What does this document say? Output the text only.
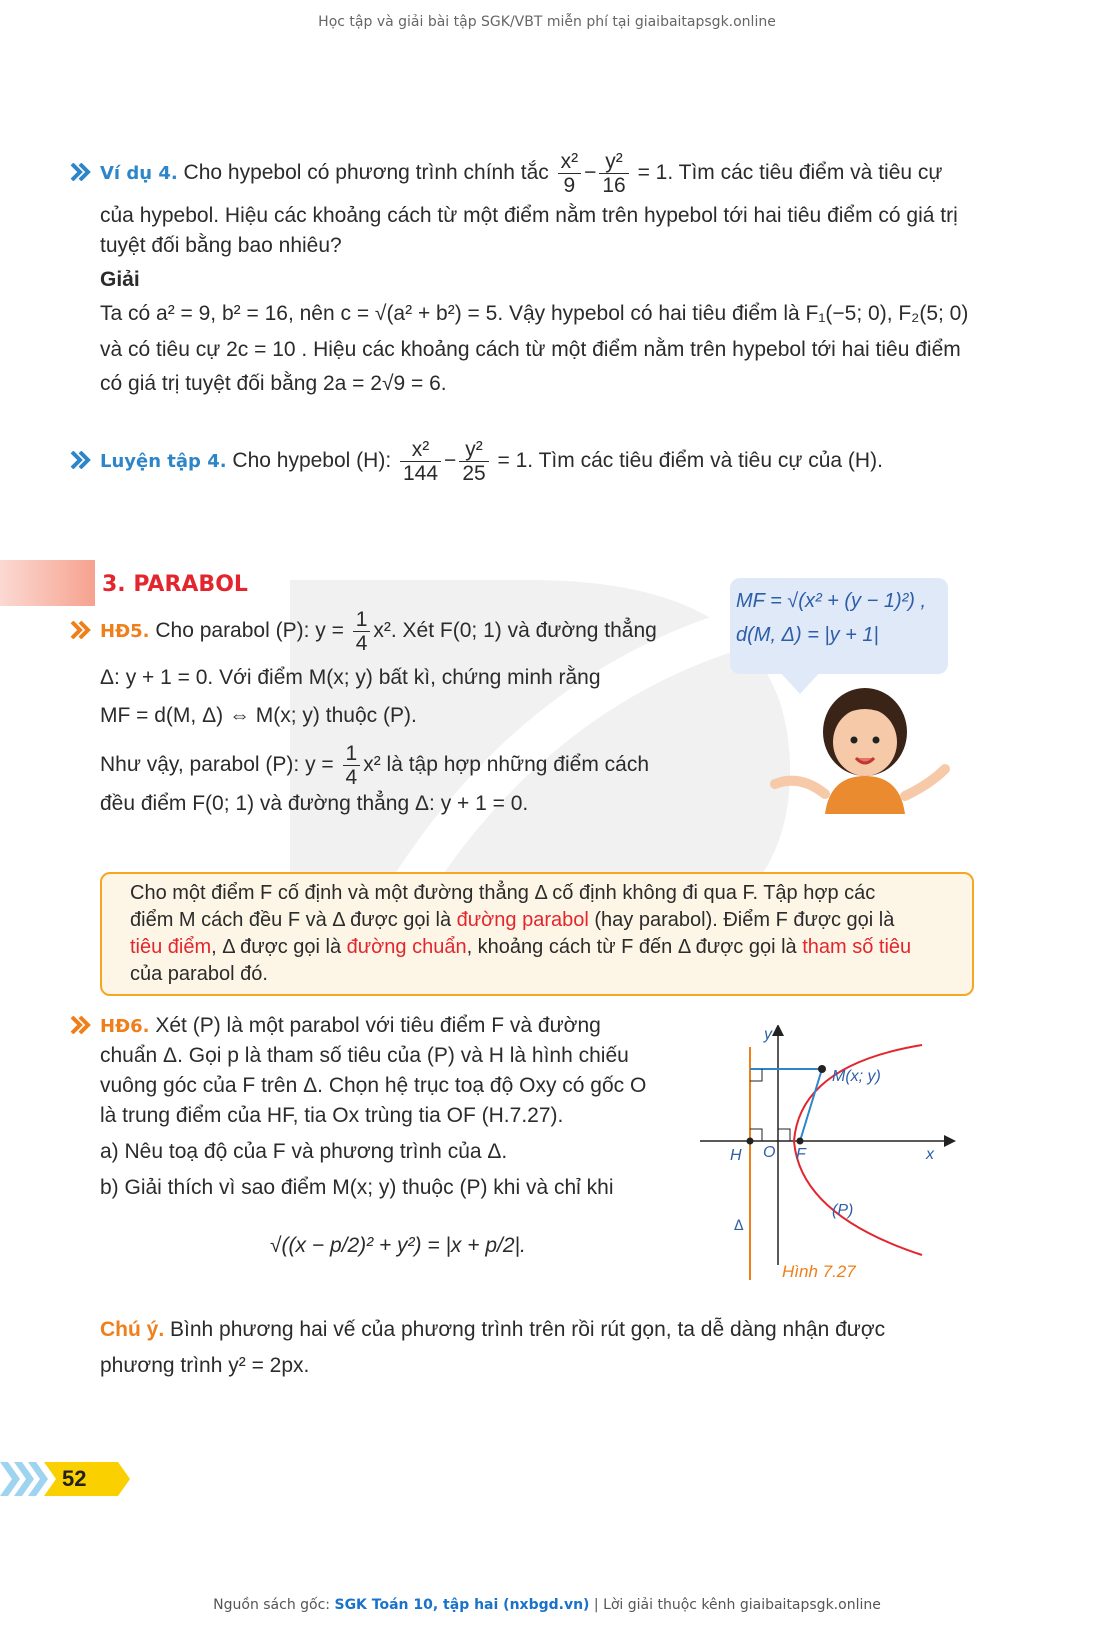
Học tập và giải bài tập SGK/VBT miễn phí tại giaibaitapsgk.online
Ví dụ 4. Cho hypebol có phương trình chính tắc $\frac{\text{x²}}{9} - \frac{\text{y²}}{16} = 1$. Tìm các tiêu điểm và tiêu cự
của hypebol. Hiệu các khoảng cách từ một điểm nằm trên hypebol tới hai tiêu điểm có giá trị
tuyệt đối bằng bao nhiêu?
Giải
Ta có a² = 9, b² = 16, nên c = √(a² + b²) = 5. Vậy hypebol có hai tiêu điểm là F₁(−5; 0), F₂(5; 0)
và có tiêu cự 2c = 10 . Hiệu các khoảng cách từ một điểm nằm trên hypebol tới hai tiêu điểm
có giá trị tuyệt đối bằng 2a = 2√9 = 6.
Luyện tập 4. Cho hypebol (H): $\frac{\text{x²}}{144} - \frac{\text{y²}}{25} = 1$. Tìm các tiêu điểm và tiêu cự của (H).
3. PARABOL
MF = √(x² + (y − 1)²) ,
d(M, Δ) = |y + 1|
HĐ5. Cho parabol (P): $y = \frac{1}{4} x^2$. Xét F(0; 1) và đường thẳng
Δ: y + 1 = 0. Với điểm M(x; y) bất kì, chứng minh rằng
MF = d(M, Δ) ⇔ M(x; y) thuộc (P).
Như vậy, parabol (P): $y = \frac{1}{4} x^2$ là tập hợp những điểm cách
đều điểm F(0; 1) và đường thẳng Δ: y + 1 = 0.
Cho một điểm F cố định và một đường thẳng Δ cố định không đi qua F. Tập hợp các
điểm M cách đều F và Δ được gọi là đường parabol (hay parabol). Điểm F được gọi là
tiêu điểm, Δ được gọi là đường chuẩn, khoảng cách từ F đến Δ được gọi là tham số tiêu
của parabol đó.
HĐ6. Xét (P) là một parabol với tiêu điểm F và đường
chuẩn Δ. Gọi p là tham số tiêu của (P) và H là hình chiếu
vuông góc của F trên Δ. Chọn hệ trục toạ độ Oxy có gốc O
là trung điểm của HF, tia Ox trùng tia OF (H.7.27).
a) Nêu toạ độ của F và phương trình của Δ.
b) Giải thích vì sao điểm M(x; y) thuộc (P) khi và chỉ khi
√((x − p/2)² + y²) = |x + p/2|.
y
x
O
H	F
M(x; y)
(P)
Δ
Hình 7.27
Chú ý. Bình phương hai vế của phương trình trên rồi rút gọn, ta dễ dàng nhận được
phương trình y² = 2px.
52
Nguồn sách gốc: SGK Toán 10, tập hai (nxbgd.vn) | Lời giải thuộc kênh giaibaitapsgk.online
